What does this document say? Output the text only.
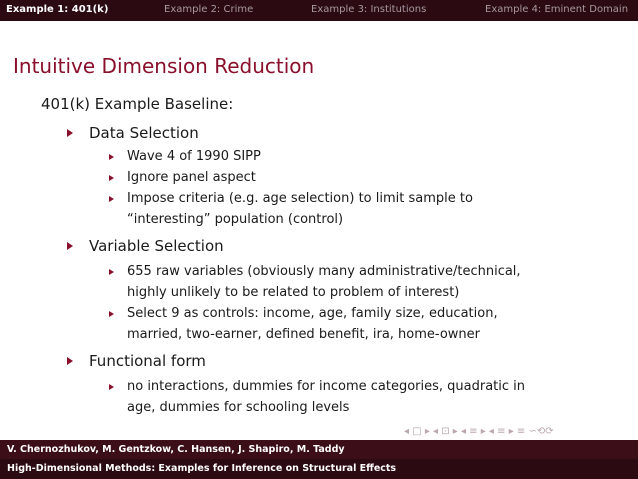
Example 1: 401(k)	Example 2: Crime	Example 3: Institutions	Example 4: Eminent Domain
Intuitive Dimension Reduction
401(k) Example Baseline:
Data Selection
Wave 4 of 1990 SIPP
Ignore panel aspect
Impose criteria (e.g. age selection) to limit sample to
“interesting” population (control)
Variable Selection
655 raw variables (obviously many administrative/technical,
highly unlikely to be related to problem of interest)
Select 9 as controls: income, age, family size, education,
married, two-earner, defined benefit, ira, home-owner
Functional form
no interactions, dummies for income categories, quadratic in
age, dummies for schooling levels
◂ □ ▸ ◂ ⊡ ▸ ◂ ≡ ▸ ◂ ≡ ▸ ≡ ∽⟲⟳
V. Chernozhukov, M. Gentzkow, C. Hansen, J. Shapiro, M. Taddy
High-Dimensional Methods: Examples for Inference on Structural Effects
